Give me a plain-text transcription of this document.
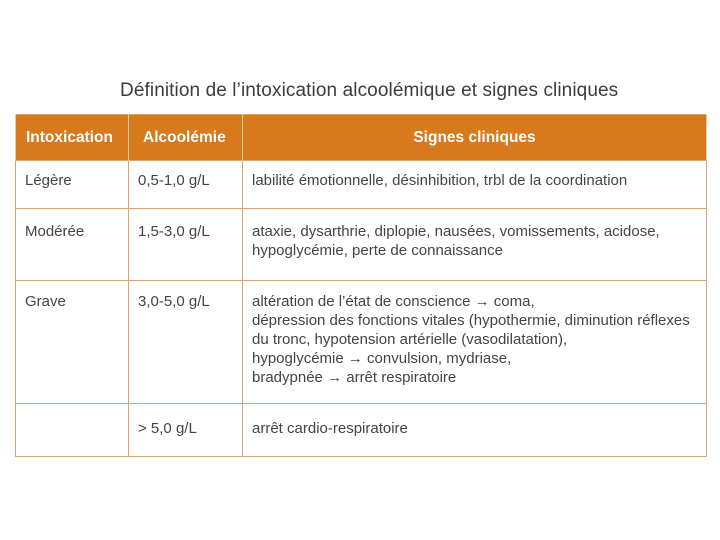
Définition de l’intoxication alcoolémique et signes cliniques
Intoxication	Alcoolémie	Signes cliniques
Légère	0,5-1,0 g/L	labilité émotionnelle, désinhibition, trbl de la coordination

Modérée	1,5-3,0 g/L	ataxie, dysarthrie, diplopie, nausées, vomissements, acidose,
hypoglycémie, perte de connaissance

Grave	3,0-5,0 g/L	altération de l’état de conscience → coma,
dépression des fonctions vitales (hypothermie, diminution réflexes
du tronc, hypotension artérielle (vasodilatation),
hypoglycémie → convulsion, mydriase,
bradypnée → arrêt respiratoire

	> 5,0 g/L	arrêt cardio-respiratoire
